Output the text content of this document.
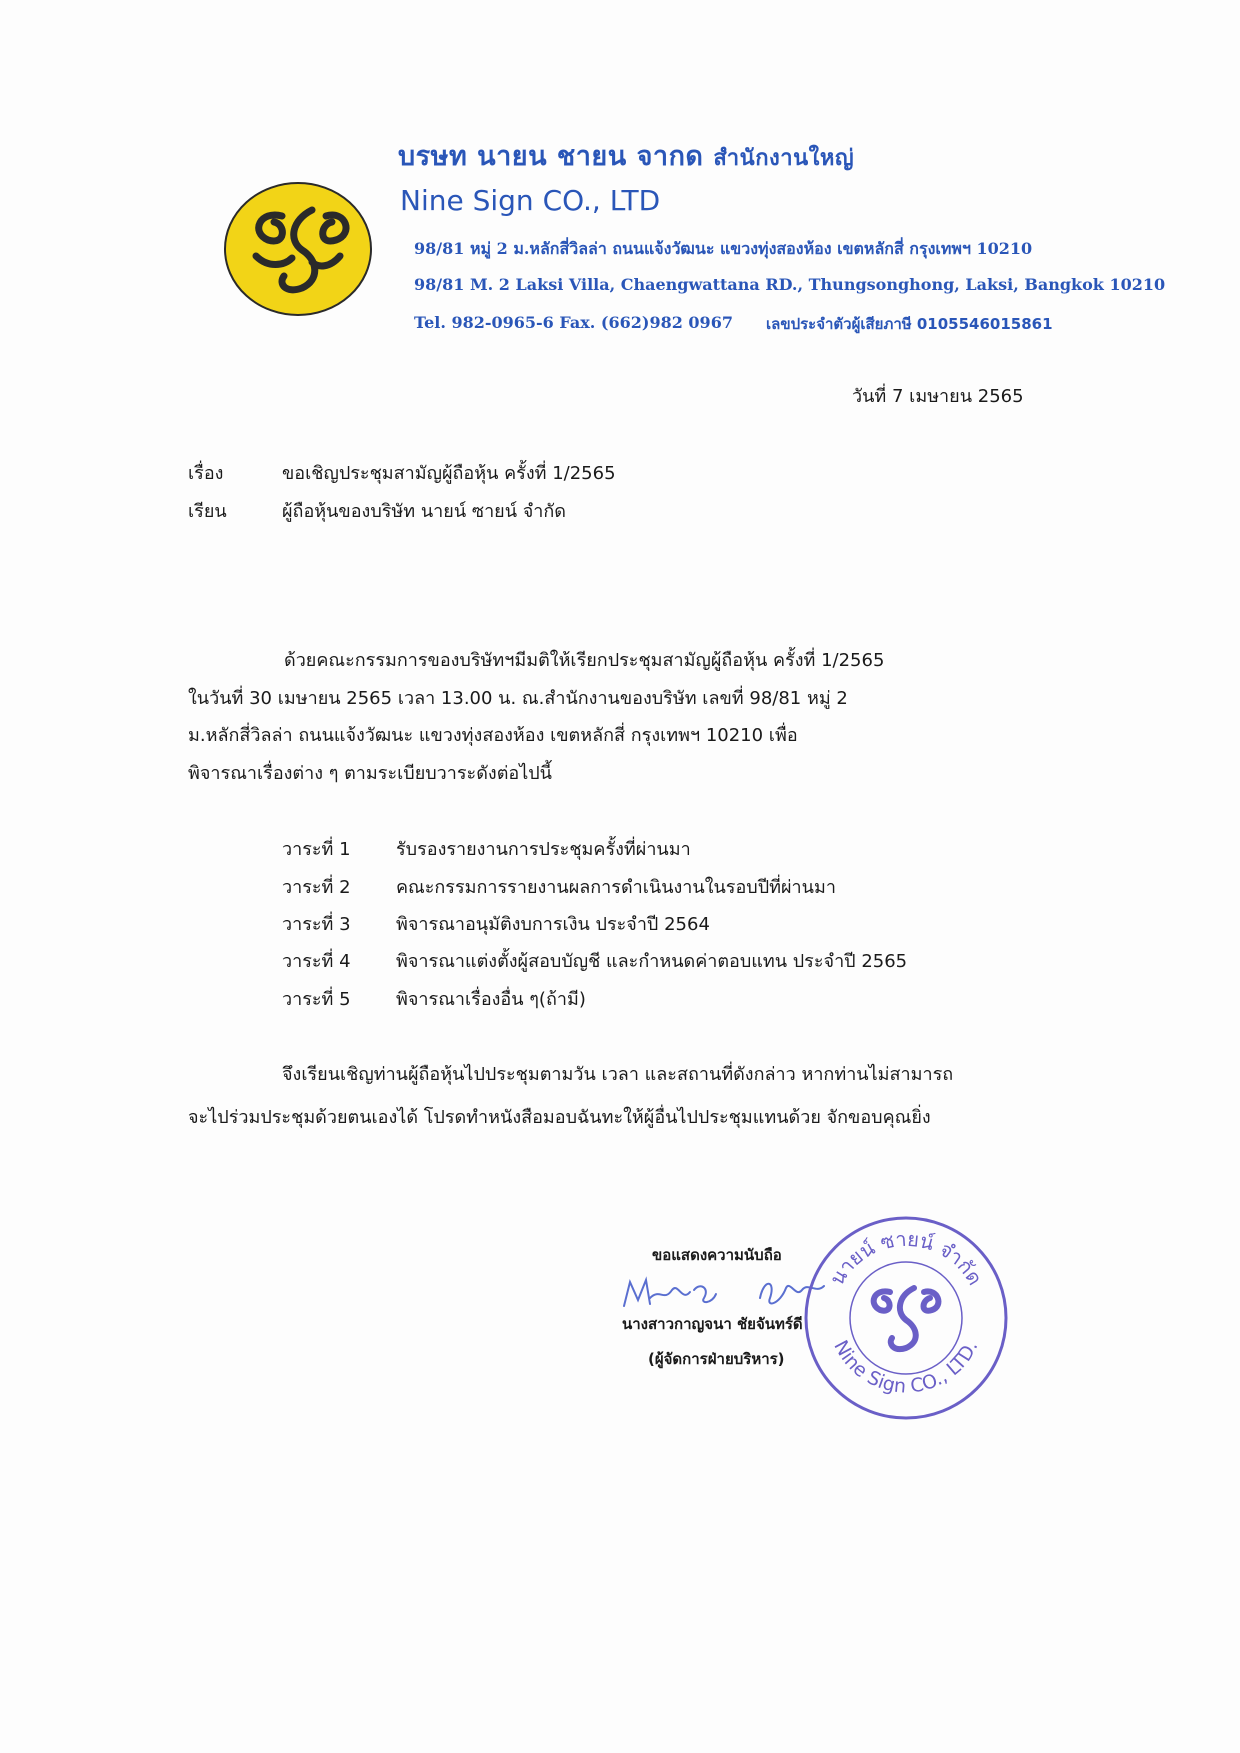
บรษท นายน ชายน จากด สำนักงานใหญ่
Nine Sign CO., LTD
98/81 หมู่ 2 ม.หลักสี่วิลล่า ถนนแจ้งวัฒนะ แขวงทุ่งสองห้อง เขตหลักสี่ กรุงเทพฯ 10210
98/81 M. 2 Laksi Villa, Chaengwattana RD., Thungsonghong, Laksi, Bangkok 10210
Tel. 982-0965-6 Fax. (662)982 0967 เลขประจำตัวผู้เสียภาษี 0105546015861
วันที่ 7 เมษายน 2565
เรื่อง	ขอเชิญประชุมสามัญผู้ถือหุ้น ครั้งที่ 1/2565
เรียน	ผู้ถือหุ้นของบริษัท นายน์ ซายน์ จำกัด
ด้วยคณะกรรมการของบริษัทฯมีมติให้เรียกประชุมสามัญผู้ถือหุ้น ครั้งที่ 1/2565
ในวันที่ 30 เมษายน 2565 เวลา 13.00 น. ณ.สำนักงานของบริษัท เลขที่ 98/81 หมู่ 2
ม.หลักสี่วิลล่า ถนนแจ้งวัฒนะ แขวงทุ่งสองห้อง เขตหลักสี่ กรุงเทพฯ 10210 เพื่อ
พิจารณาเรื่องต่าง ๆ ตามระเบียบวาระดังต่อไปนี้
วาระที่ 1	รับรองรายงานการประชุมครั้งที่ผ่านมา
วาระที่ 2	คณะกรรมการรายงานผลการดำเนินงานในรอบปีที่ผ่านมา
วาระที่ 3	พิจารณาอนุมัติงบการเงิน ประจำปี 2564
วาระที่ 4	พิจารณาแต่งตั้งผู้สอบบัญชี และกำหนดค่าตอบแทน ประจำปี 2565
วาระที่ 5	พิจารณาเรื่องอื่น ๆ(ถ้ามี)
จึงเรียนเชิญท่านผู้ถือหุ้นไปประชุมตามวัน เวลา และสถานที่ดังกล่าว หากท่านไม่สามารถ
จะไปร่วมประชุมด้วยตนเองได้ โปรดทำหนังสือมอบฉันทะให้ผู้อื่นไปประชุมแทนด้วย จักขอบคุณยิ่ง
ขอแสดงความนับถือ
นางสาวกาญจนา ชัยจันทร์ดี
(ผู้จัดการฝ่ายบริหาร)
นายน์ ซายน์ จำกัด
Nine Sign CO., LTD.
